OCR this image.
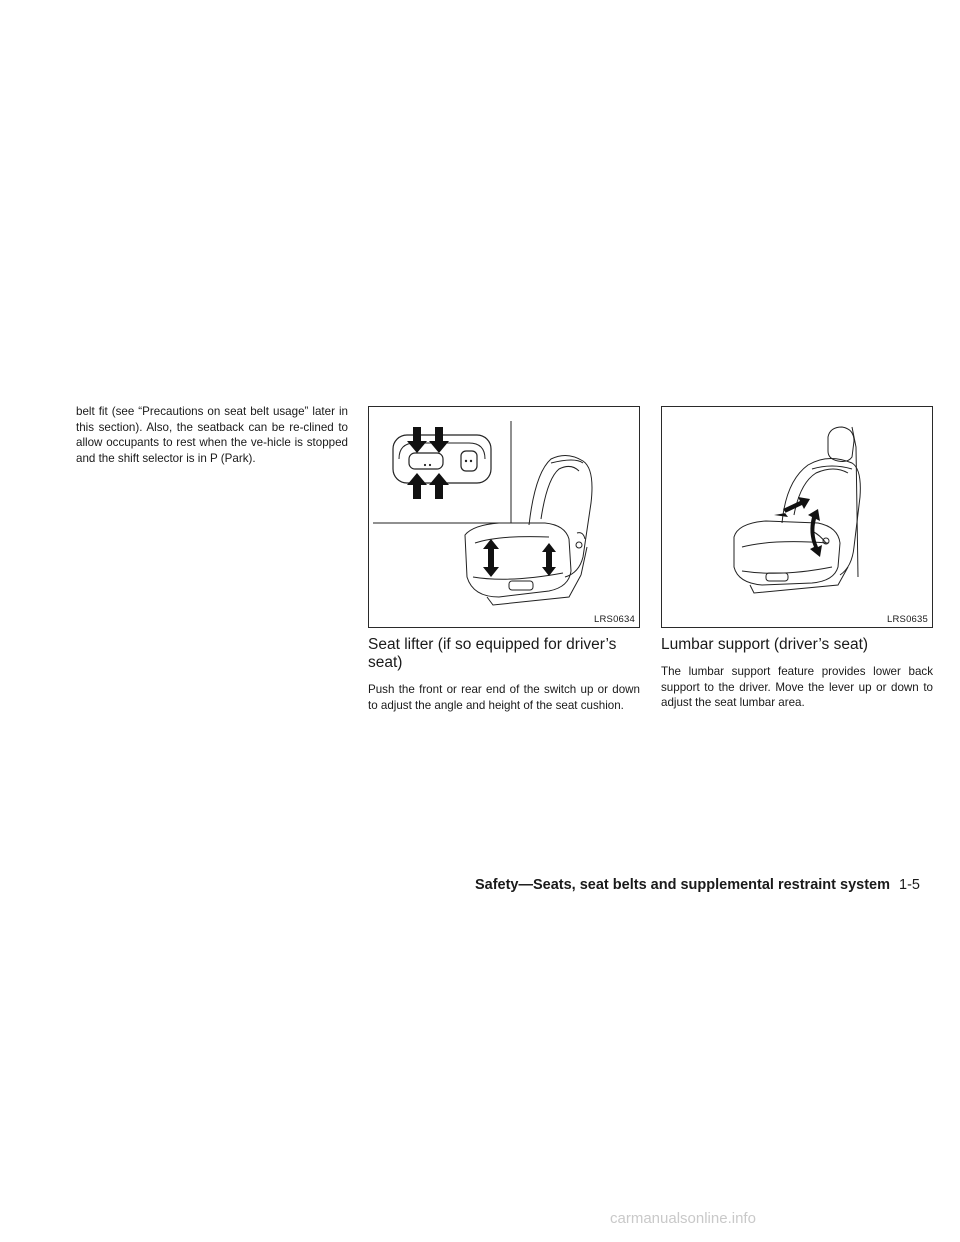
belt fit (see “Precautions on seat belt usage” later in this section). Also, the seatback can be re-clined to allow occupants to rest when the ve-hicle is stopped and the shift selector is in P (Park).

LRS0634
Seat lifter (if so equipped for driver’s seat)

Push the front or rear end of the switch up or down to adjust the angle and height of the seat cushion.

LRS0635
Lumbar support (driver’s seat)

The lumbar support feature provides lower back support to the driver. Move the lever up or down to adjust the seat lumbar area.

Safety—Seats, seat belts and supplemental restraint system 1-5
carmanualsonline.info
